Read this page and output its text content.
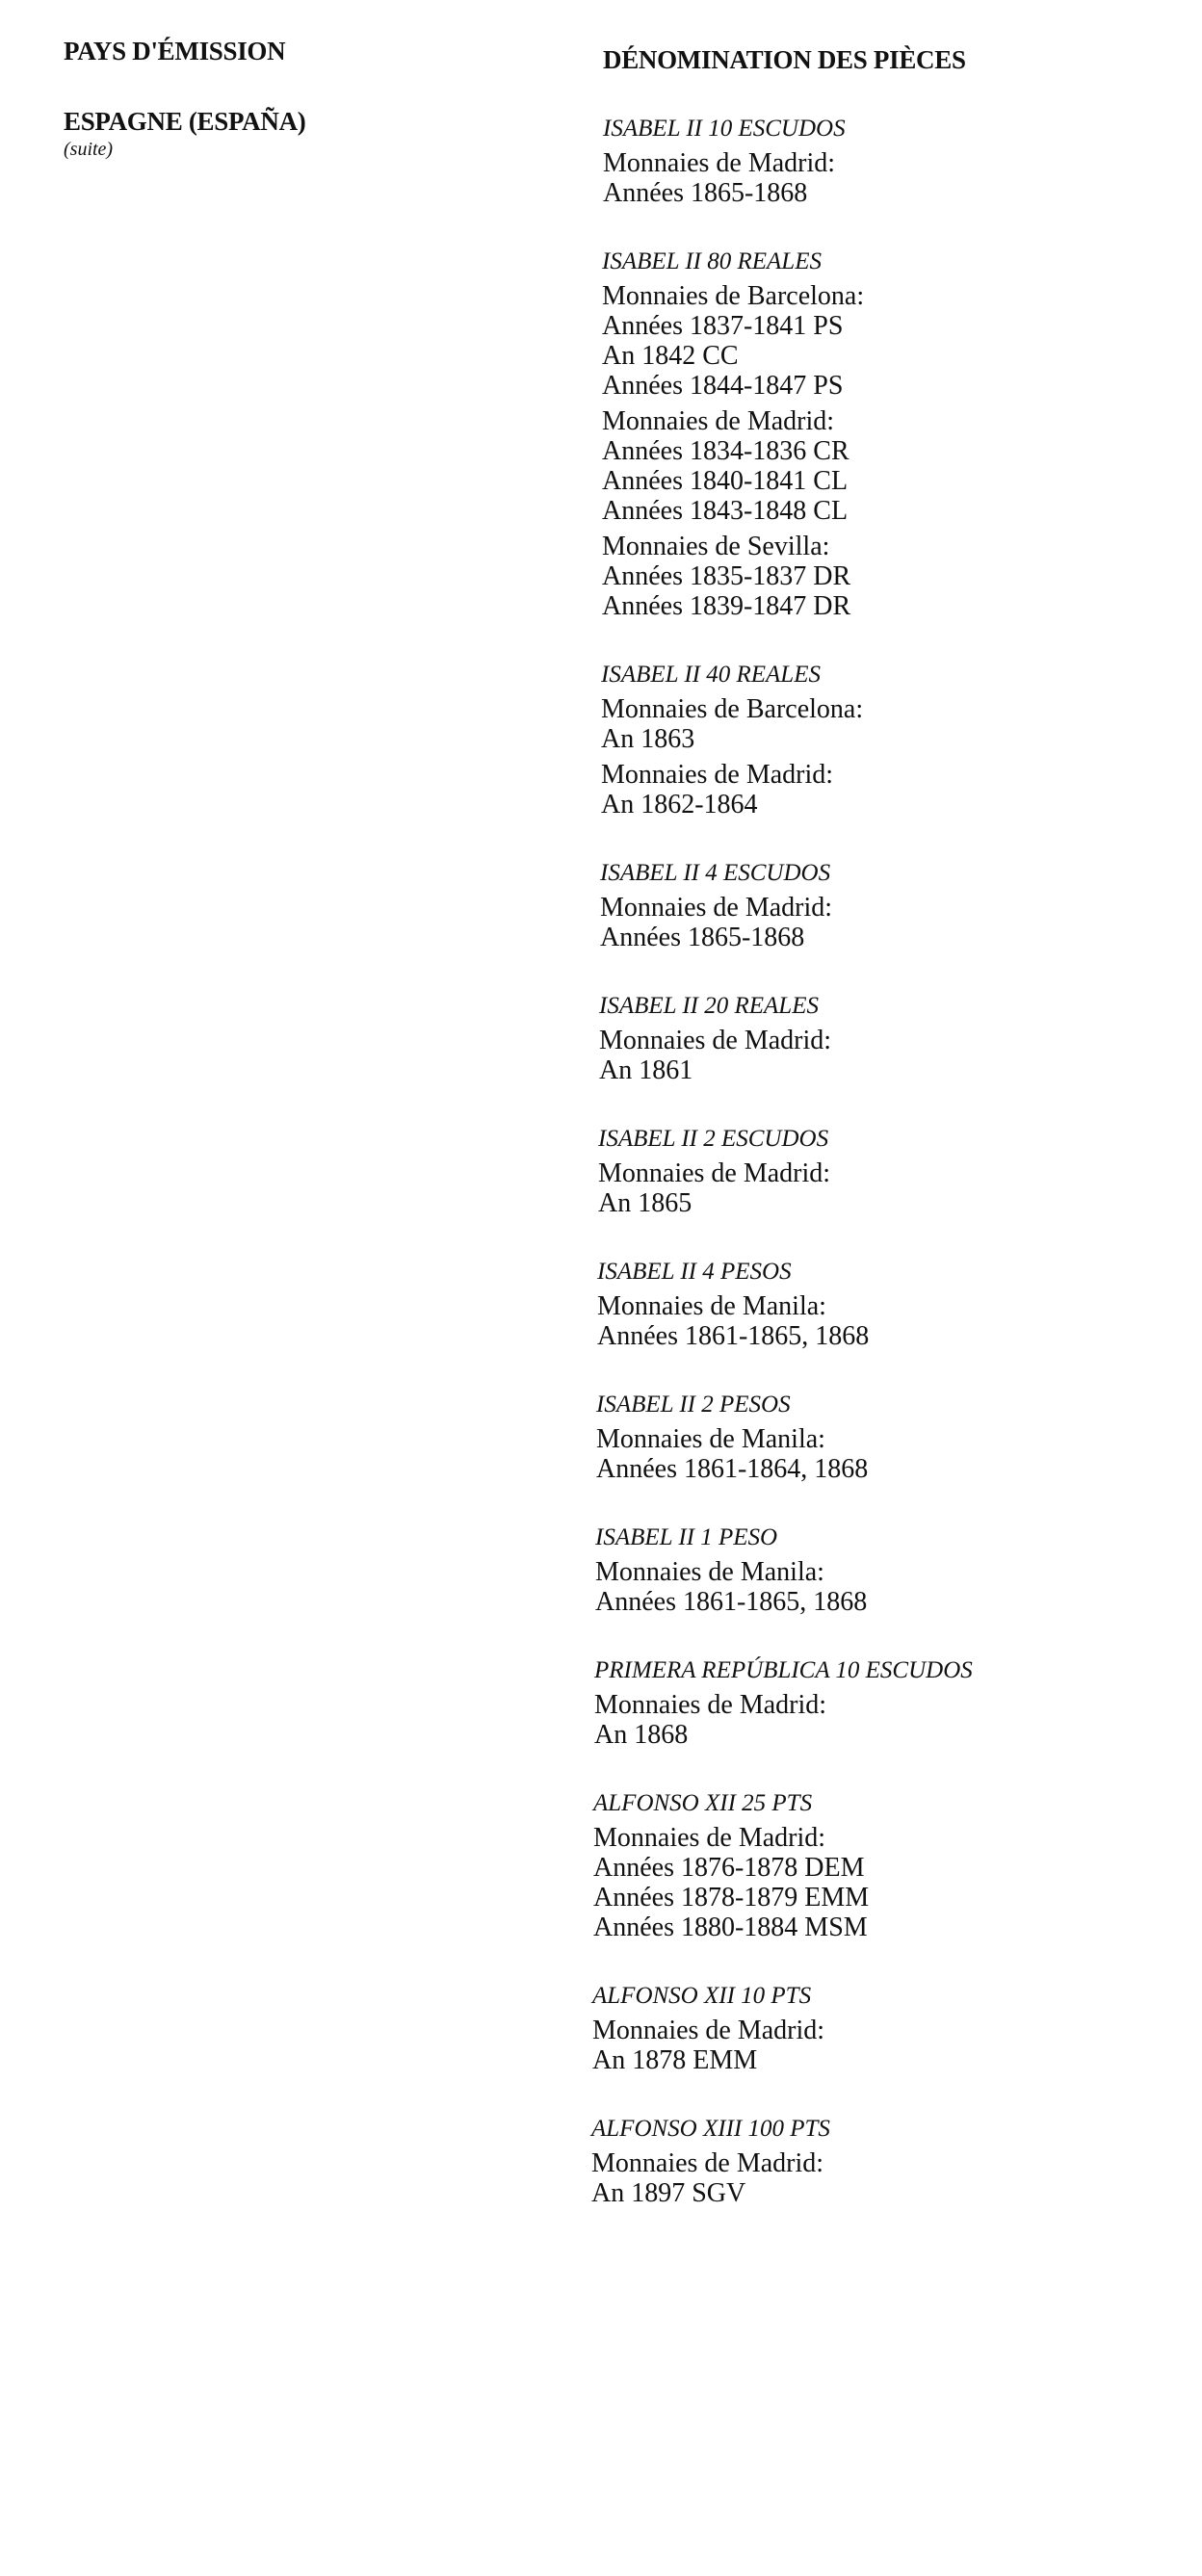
PAYS D'ÉMISSION
ESPAGNE (ESPAÑA)
(suite)
DÉNOMINATION DES PIÈCES
ISABEL II 10 ESCUDOS
Monnaies de Madrid:
Années 1865-1868
ISABEL II 80 REALES
Monnaies de Barcelona:
Années 1837-1841 PS
An 1842 CC
Années 1844-1847 PS
Monnaies de Madrid:
Années 1834-1836 CR
Années 1840-1841 CL
Années 1843-1848 CL
Monnaies de Sevilla:
Années 1835-1837 DR
Années 1839-1847 DR
ISABEL II 40 REALES
Monnaies de Barcelona:
An 1863
Monnaies de Madrid:
An 1862-1864
ISABEL II 4 ESCUDOS
Monnaies de Madrid:
Années 1865-1868
ISABEL II 20 REALES
Monnaies de Madrid:
An 1861
ISABEL II 2 ESCUDOS
Monnaies de Madrid:
An 1865
ISABEL II 4 PESOS
Monnaies de Manila:
Années 1861-1865, 1868
ISABEL II 2 PESOS
Monnaies de Manila:
Années 1861-1864, 1868
ISABEL II 1 PESO
Monnaies de Manila:
Années 1861-1865, 1868
PRIMERA REPÚBLICA 10 ESCUDOS
Monnaies de Madrid:
An 1868
ALFONSO XII 25 PTS
Monnaies de Madrid:
Années 1876-1878 DEM
Années 1878-1879 EMM
Années 1880-1884 MSM
ALFONSO XII 10 PTS
Monnaies de Madrid:
An 1878 EMM
ALFONSO XIII 100 PTS
Monnaies de Madrid:
An 1897 SGV
